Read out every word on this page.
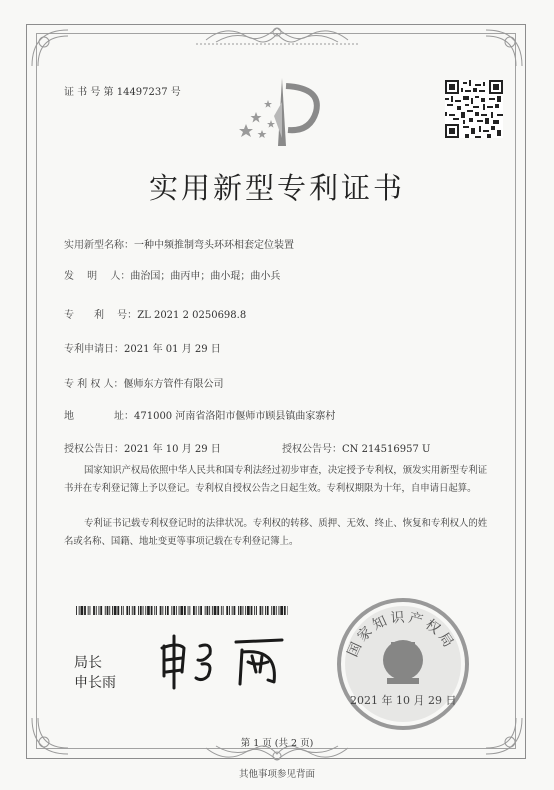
证 书 号 第 14497237 号
实用新型专利证书
实用新型名称：一种中频推制弯头环环相套定位装置
发　 明　 人：曲治国；曲丙申；曲小琨；曲小兵
专　　利　 号：ZL 2021 2 0250698.8
专利申请日：2021 年 01 月 29 日
专 利 权 人：偃师东方管件有限公司
地　　　　址：471000 河南省洛阳市偃师市顾县镇曲家寨村
授权公告日：2021 年 10 月 29 日	授权公告号：CN 214516957 U
国家知识产权局依照中华人民共和国专利法经过初步审查，决定授予专利权，颁发实用新型专利证书并在专利登记簿上予以登记。专利权自授权公告之日起生效。专利权期限为十年，自申请日起算。
专利证书记载专利权登记时的法律状况。专利权的转移、质押、无效、终止、恢复和专利权人的姓名或名称、国籍、地址变更等事项记载在专利登记簿上。
局长
申长雨
国家知识产权局
2021 年 10 月 29 日
第 1 页 (共 2 页)
其他事项参见背面
